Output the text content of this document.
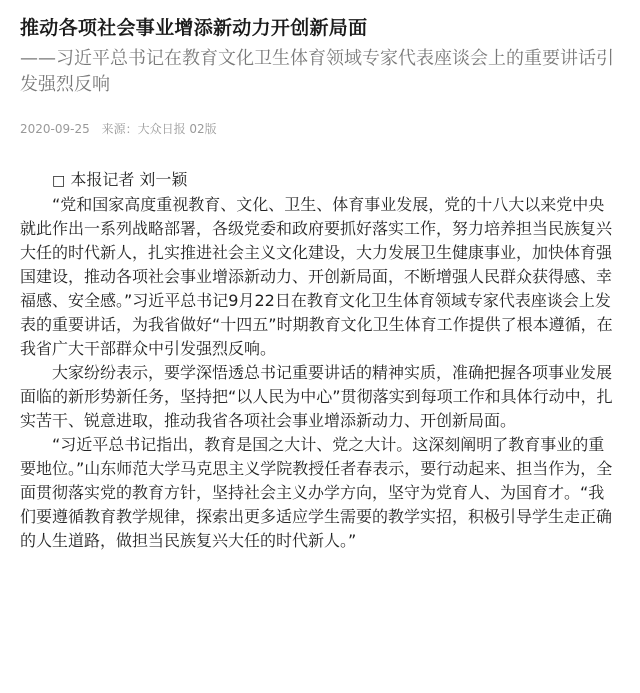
推动各项社会事业增添新动力开创新局面
——习近平总书记在教育文化卫生体育领域专家代表座谈会上的重要讲话引发强烈反响
2020-09-25 来源：大众日报 02版
□ 本报记者 刘一颖

“党和国家高度重视教育、文化、卫生、体育事业发展，党的十八大以来党中央就此作出一系列战略部署，各级党委和政府要抓好落实工作，努力培养担当民族复兴大任的时代新人，扎实推进社会主义文化建设，大力发展卫生健康事业，加快体育强国建设，推动各项社会事业增添新动力、开创新局面，不断增强人民群众获得感、幸福感、安全感。”习近平总书记9月22日在教育文化卫生体育领域专家代表座谈会上发表的重要讲话，为我省做好“十四五”时期教育文化卫生体育工作提供了根本遵循，在我省广大干部群众中引发强烈反响。

大家纷纷表示，要学深悟透总书记重要讲话的精神实质，准确把握各项事业发展面临的新形势新任务，坚持把“以人民为中心”贯彻落实到每项工作和具体行动中，扎实苦干、锐意进取，推动我省各项社会事业增添新动力、开创新局面。

“习近平总书记指出，教育是国之大计、党之大计。这深刻阐明了教育事业的重要地位。”山东师范大学马克思主义学院教授任者春表示，要行动起来、担当作为，全面贯彻落实党的教育方针，坚持社会主义办学方向，坚守为党育人、为国育才。“我们要遵循教育教学规律，探索出更多适应学生需要的教学实招，积极引导学生走正确的人生道路，做担当民族复兴大任的时代新人。”
